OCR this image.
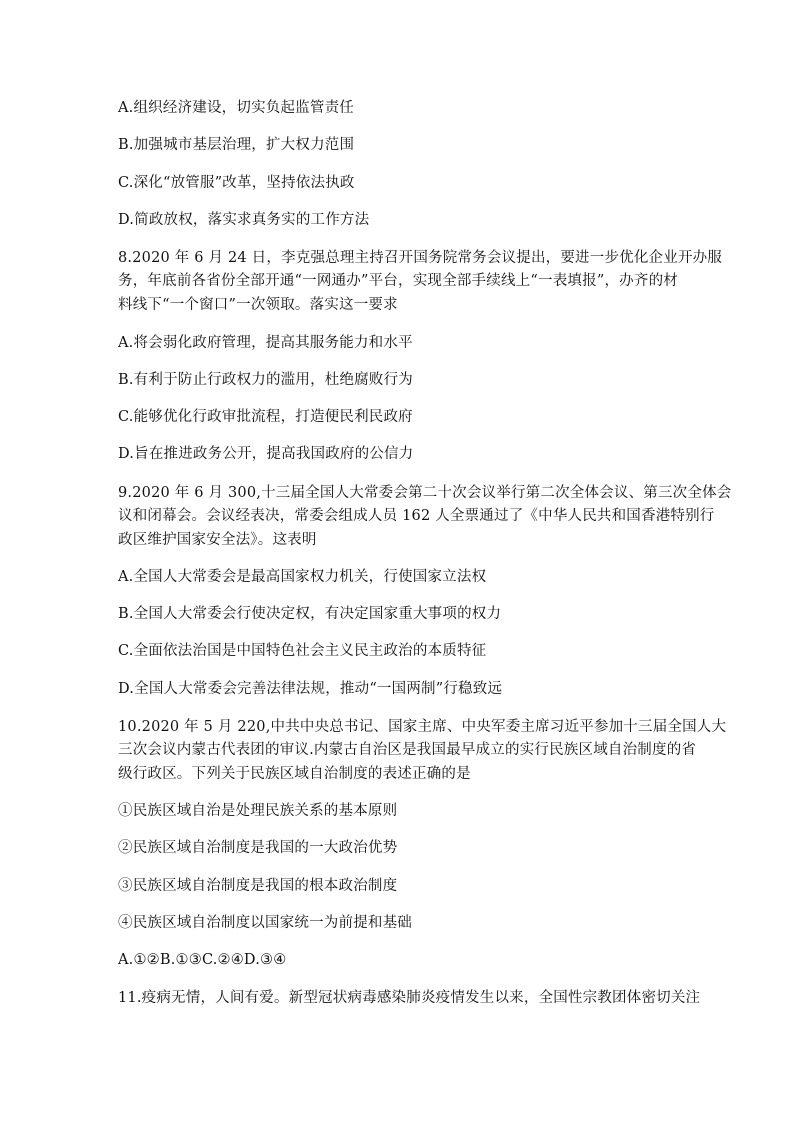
A.组织经济建设，切实负起监管责任
B.加强城市基层治理，扩大权力范围
C.深化“放管服”改革，坚持依法执政
D.简政放权，落实求真务实的工作方法
8.2020 年 6 月 24 日，李克强总理主持召开国务院常务会议提出，要进一步优化企业开办服
务，年底前各省份全部开通“一网通办”平台，实现全部手续线上“一表填报”，办齐的材
料线下“一个窗口”一次领取。落实这一要求
A.将会弱化政府管理，提高其服务能力和水平
B.有利于防止行政权力的滥用，杜绝腐败行为
C.能够优化行政审批流程，打造便民利民政府
D.旨在推进政务公开，提高我国政府的公信力
9.2020 年 6 月 300,十三届全国人大常委会第二十次会议举行第二次全体会议、第三次全体会
议和闭幕会。会议经表决，常委会组成人员 162 人全票通过了《中华人民共和国香港特别行
政区维护国家安全法》。这表明
A.全国人大常委会是最高国家权力机关，行使国家立法权
B.全国人大常委会行使决定权，有决定国家重大事项的权力
C.全面依法治国是中国特色社会主义民主政治的本质特征
D.全国人大常委会完善法律法规，推动“一国两制”行稳致远
10.2020 年 5 月 220,中共中央总书记、国家主席、中央军委主席习近平参加十三届全国人大
三次会议内蒙古代表团的审议.内蒙古自治区是我国最早成立的实行民族区域自治制度的省
级行政区。下列关于民族区域自治制度的表述正确的是
①民族区域自治是处理民族关系的基本原则
②民族区域自治制度是我国的一大政治优势
③民族区域自治制度是我国的根本政治制度
④民族区域自治制度以国家统一为前提和基础
A.①②B.①③C.②④D.③④
11.疫病无情，人间有爱。新型冠状病毒感染肺炎疫情发生以来，全国性宗教团体密切关注
